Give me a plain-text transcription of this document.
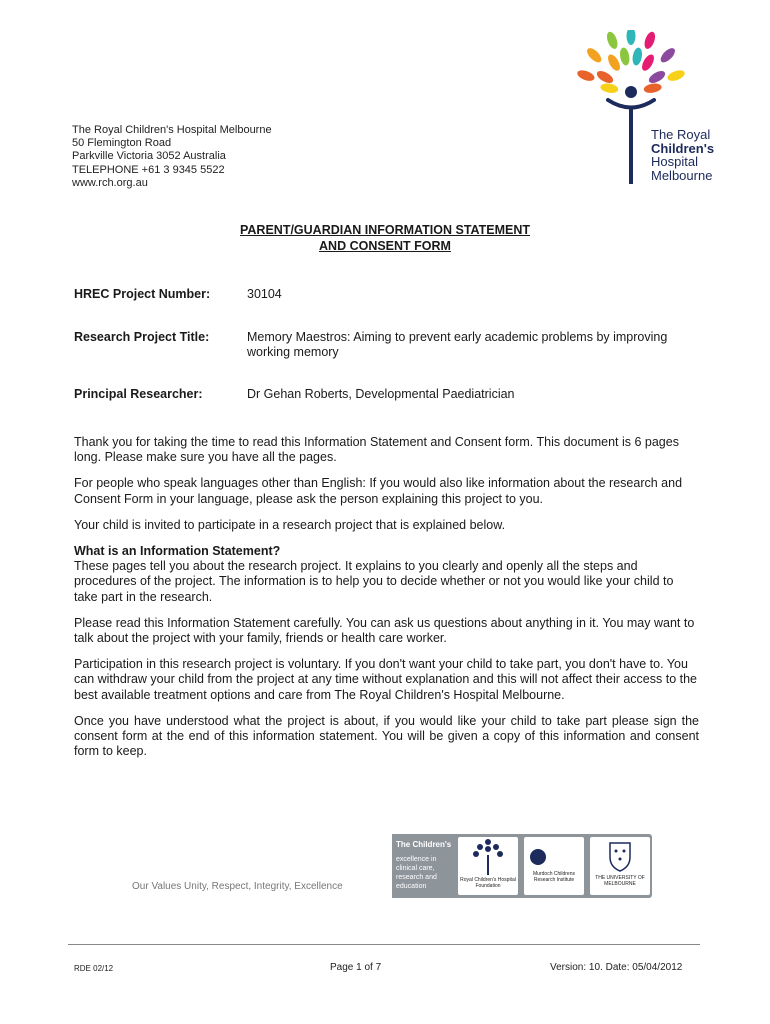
The Royal Children's Hospital Melbourne
50 Flemington Road
Parkville Victoria 3052 Australia
TELEPHONE +61 3 9345 5522
www.rch.org.au
The Royal
Children's
Hospital
Melbourne
PARENT/GUARDIAN INFORMATION STATEMENT
AND CONSENT FORM
HREC Project Number:	30104
Research Project Title:	Memory Maestros: Aiming to prevent early academic problems by improving working memory
Principal Researcher:	Dr Gehan Roberts, Developmental Paediatrician

Thank you for taking the time to read this Information Statement and Consent form. This document is 6 pages long. Please make sure you have all the pages.

For people who speak languages other than English: If you would also like information about the research and Consent Form in your language, please ask the person explaining this project to you.

Your child is invited to participate in a research project that is explained below.

What is an Information Statement?

These pages tell you about the research project. It explains to you clearly and openly all the steps and procedures of the project. The information is to help you to decide whether or not you would like your child to take part in the research.

Please read this Information Statement carefully. You can ask us questions about anything in it. You may want to talk about the project with your family, friends or health care worker.

Participation in this research project is voluntary. If you don't want your child to take part, you don't have to. You can withdraw your child from the project at any time without explanation and this will not affect their access to the best available treatment options and care from The Royal Children's Hospital Melbourne.

Once you have understood what the project is about, if you would like your child to take part please sign the consent form at the end of this information statement. You will be given a copy of this information and consent form to keep.

Our Values Unity, Respect, Integrity, Excellence
The Children's
excellence in
clinical care,
research and
education
Royal Children's Hospital Foundation
Murdoch Childrens Research Institute	THE UNIVERSITY OF MELBOURNE
RDE 02/12	Page 1 of 7	Version: 10. Date: 05/04/2012
